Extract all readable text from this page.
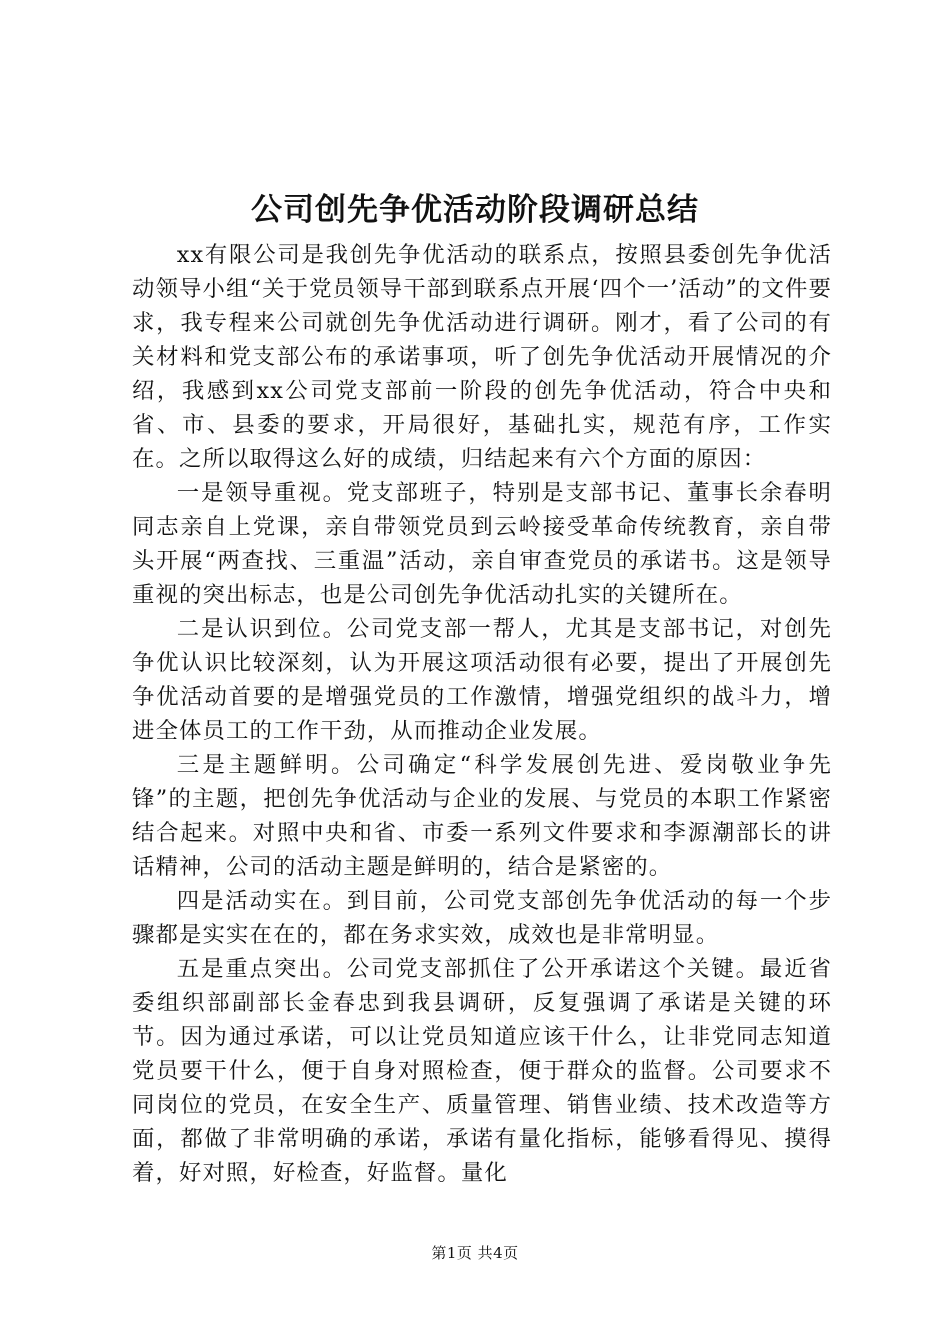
公司创先争优活动阶段调研总结

xx有限公司是我创先争优活动的联系点，按照县委创先争优活动领导小组“关于党员领导干部到联系点开展‘四个一’活动”的文件要求，我专程来公司就创先争优活动进行调研。刚才，看了公司的有关材料和党支部公布的承诺事项，听了创先争优活动开展情况的介绍，我感到xx公司党支部前一阶段的创先争优活动，符合中央和省、市、县委的要求，开局很好，基础扎实，规范有序，工作实在。之所以取得这么好的成绩，归结起来有六个方面的原因：

一是领导重视。党支部班子，特别是支部书记、董事长余春明同志亲自上党课，亲自带领党员到云岭接受革命传统教育，亲自带头开展“两查找、三重温”活动，亲自审查党员的承诺书。这是领导重视的突出标志，也是公司创先争优活动扎实的关键所在。

二是认识到位。公司党支部一帮人，尤其是支部书记，对创先争优认识比较深刻，认为开展这项活动很有必要，提出了开展创先争优活动首要的是增强党员的工作激情，增强党组织的战斗力，增进全体员工的工作干劲，从而推动企业发展。

三是主题鲜明。公司确定“科学发展创先进、爱岗敬业争先锋”的主题，把创先争优活动与企业的发展、与党员的本职工作紧密结合起来。对照中央和省、市委一系列文件要求和李源潮部长的讲话精神，公司的活动主题是鲜明的，结合是紧密的。

四是活动实在。到目前，公司党支部创先争优活动的每一个步骤都是实实在在的，都在务求实效，成效也是非常明显。

五是重点突出。公司党支部抓住了公开承诺这个关键。最近省委组织部副部长金春忠到我县调研，反复强调了承诺是关键的环节。因为通过承诺，可以让党员知道应该干什么，让非党同志知道党员要干什么，便于自身对照检查，便于群众的监督。公司要求不同岗位的党员，在安全生产、质量管理、销售业绩、技术改造等方面，都做了非常明确的承诺，承诺有量化指标，能够看得见、摸得着，好对照，好检查，好监督。量化

第1页 共4页
